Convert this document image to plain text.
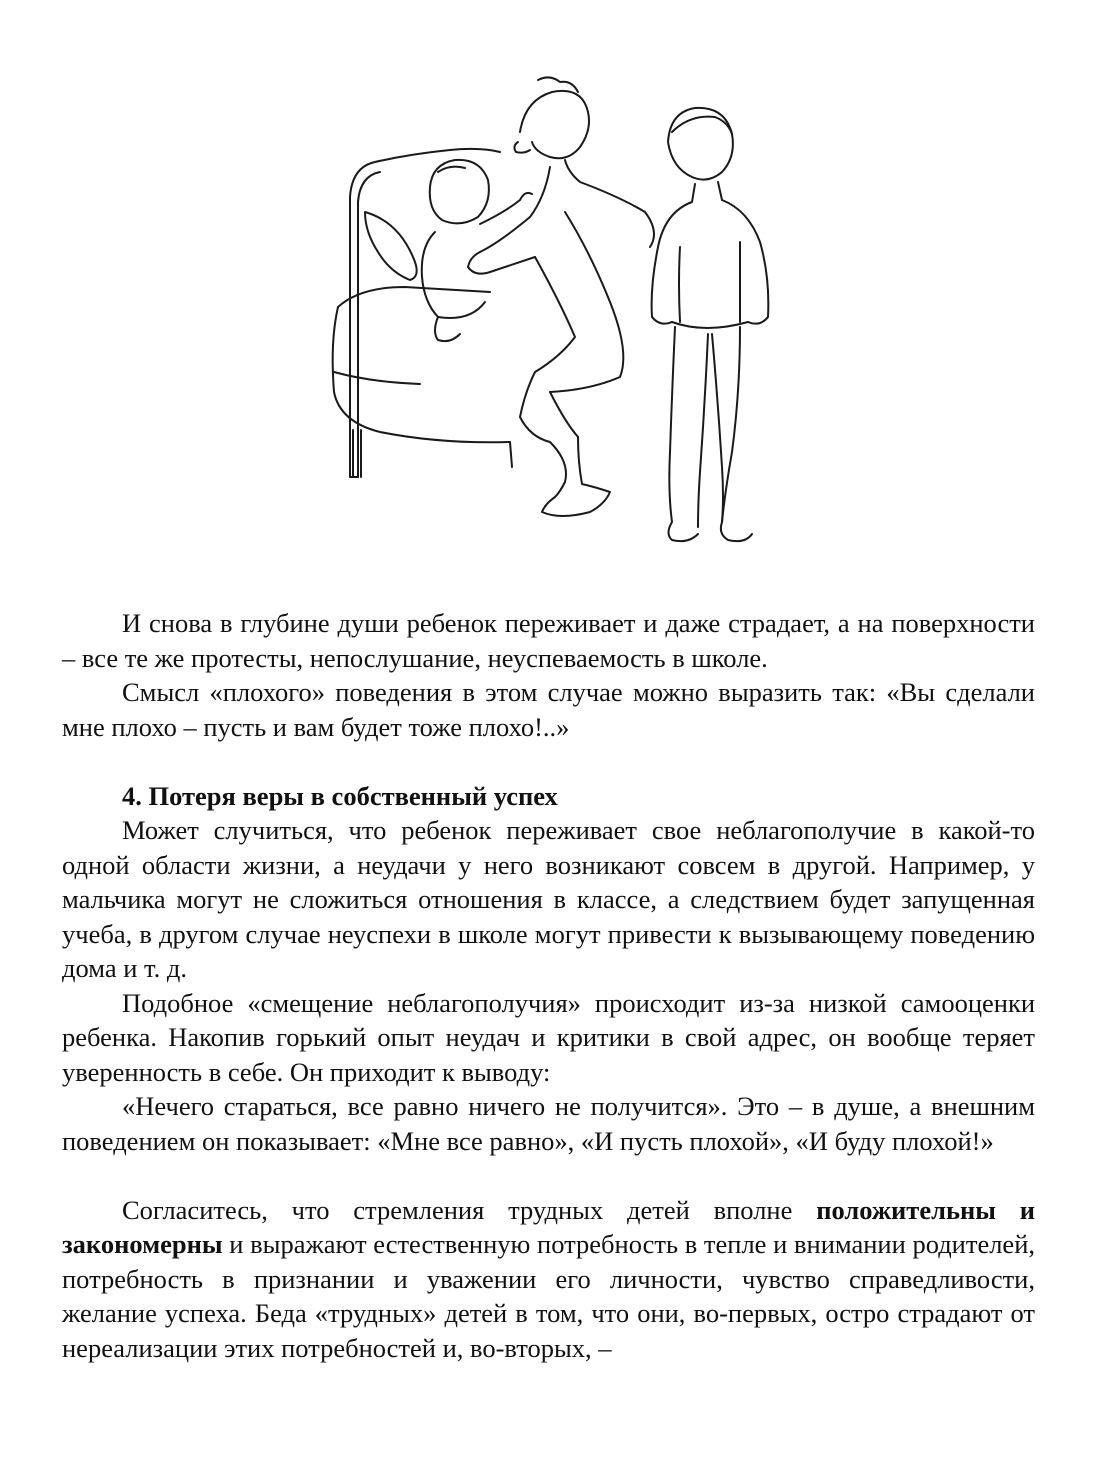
И снова в глубине души ребенок переживает и даже страдает, а на поверхности – все те же протесты, непослушание, неуспеваемость в школе.

Смысл «плохого» поведения в этом случае можно выразить так: «Вы сделали мне плохо – пусть и вам будет тоже плохо!..»

4. Потеря веры в собственный успех

Может случиться, что ребенок переживает свое неблагополучие в какой-то одной области жизни, а неудачи у него возникают совсем в другой. Например, у мальчика могут не сложиться отношения в классе, а следствием будет запущенная учеба, в другом случае неуспехи в школе могут привести к вызывающему поведению дома и т. д.

Подобное «смещение неблагополучия» происходит из-за низкой самооценки ребенка. Накопив горький опыт неудач и критики в свой адрес, он вообще теряет уверенность в себе. Он приходит к выводу:

«Нечего стараться, все равно ничего не получится». Это – в душе, а внешним поведением он показывает: «Мне все равно», «И пусть плохой», «И буду плохой!»

Согласитесь, что стремления трудных детей вполне положительны и закономерны и выражают естественную потребность в тепле и внимании родителей, потребность в признании и уважении его личности, чувство справедливости, желание успеха. Беда «трудных» детей в том, что они, во-первых, остро страдают от нереализации этих потребностей и, во-вторых, –
